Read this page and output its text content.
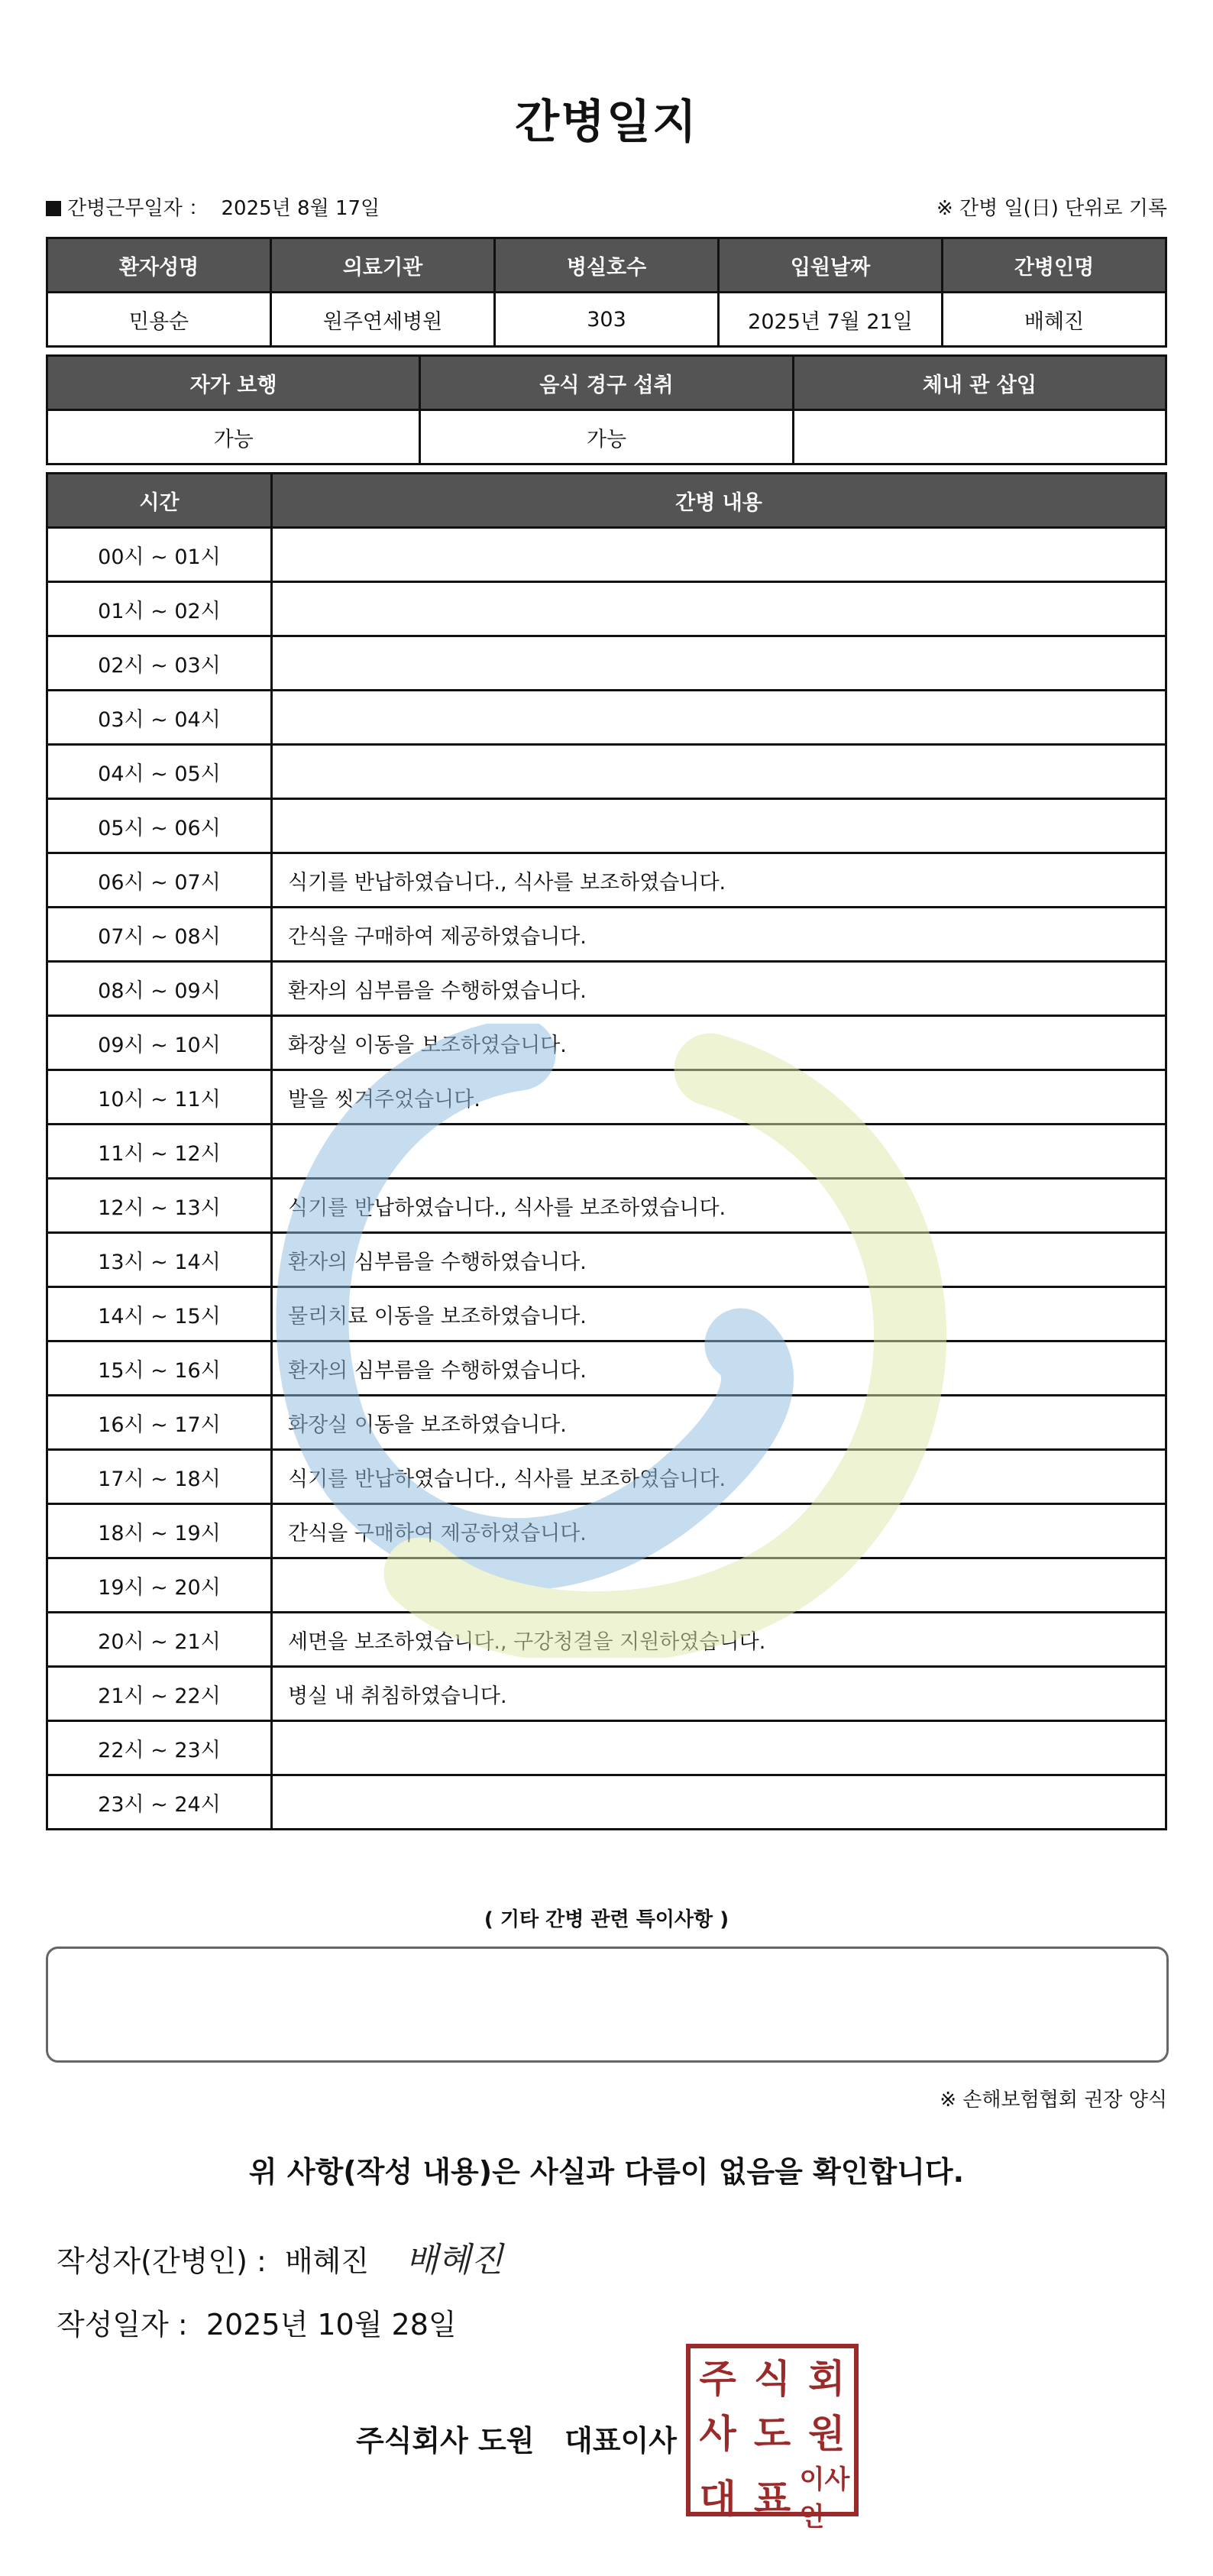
간병일지
간병근무일자 ： 2025년 8월 17일	※ 간병 일(日) 단위로 기록
환자성명	의료기관	병실호수	입원날짜	간병인명
민용순	원주연세병원	303	2025년 7월 21일	배혜진
자가 보행	음식 경구 섭취	체내 관 삽입
가능	가능	
시간	간병 내용
00시 ~ 01시	
01시 ~ 02시	
02시 ~ 03시	
03시 ~ 04시	
04시 ~ 05시	
05시 ~ 06시	
06시 ~ 07시	식기를 반납하였습니다., 식사를 보조하였습니다.
07시 ~ 08시	간식을 구매하여 제공하였습니다.
08시 ~ 09시	환자의 심부름을 수행하였습니다.
09시 ~ 10시	화장실 이동을 보조하였습니다.
10시 ~ 11시	발을 씻겨주었습니다.
11시 ~ 12시	
12시 ~ 13시	식기를 반납하였습니다., 식사를 보조하였습니다.
13시 ~ 14시	환자의 심부름을 수행하였습니다.
14시 ~ 15시	물리치료 이동을 보조하였습니다.
15시 ~ 16시	환자의 심부름을 수행하였습니다.
16시 ~ 17시	화장실 이동을 보조하였습니다.
17시 ~ 18시	식기를 반납하였습니다., 식사를 보조하였습니다.
18시 ~ 19시	간식을 구매하여 제공하였습니다.
19시 ~ 20시	
20시 ~ 21시	세면을 보조하였습니다., 구강청결을 지원하였습니다.
21시 ~ 22시	병실 내 취침하였습니다.
22시 ~ 23시	
23시 ~ 24시	
( 기타 간병 관련 특이사항 )
※ 손해보험협회 권장 양식
위 사항(작성 내용)은 사실과 다름이 없음을 확인합니다.
작성자(간병인) : 배혜진 배혜진
작성일자 : 2025년 10월 28일
주식회사 도원   대표이사
주 식 회
사 도 원
대 표 이사인
